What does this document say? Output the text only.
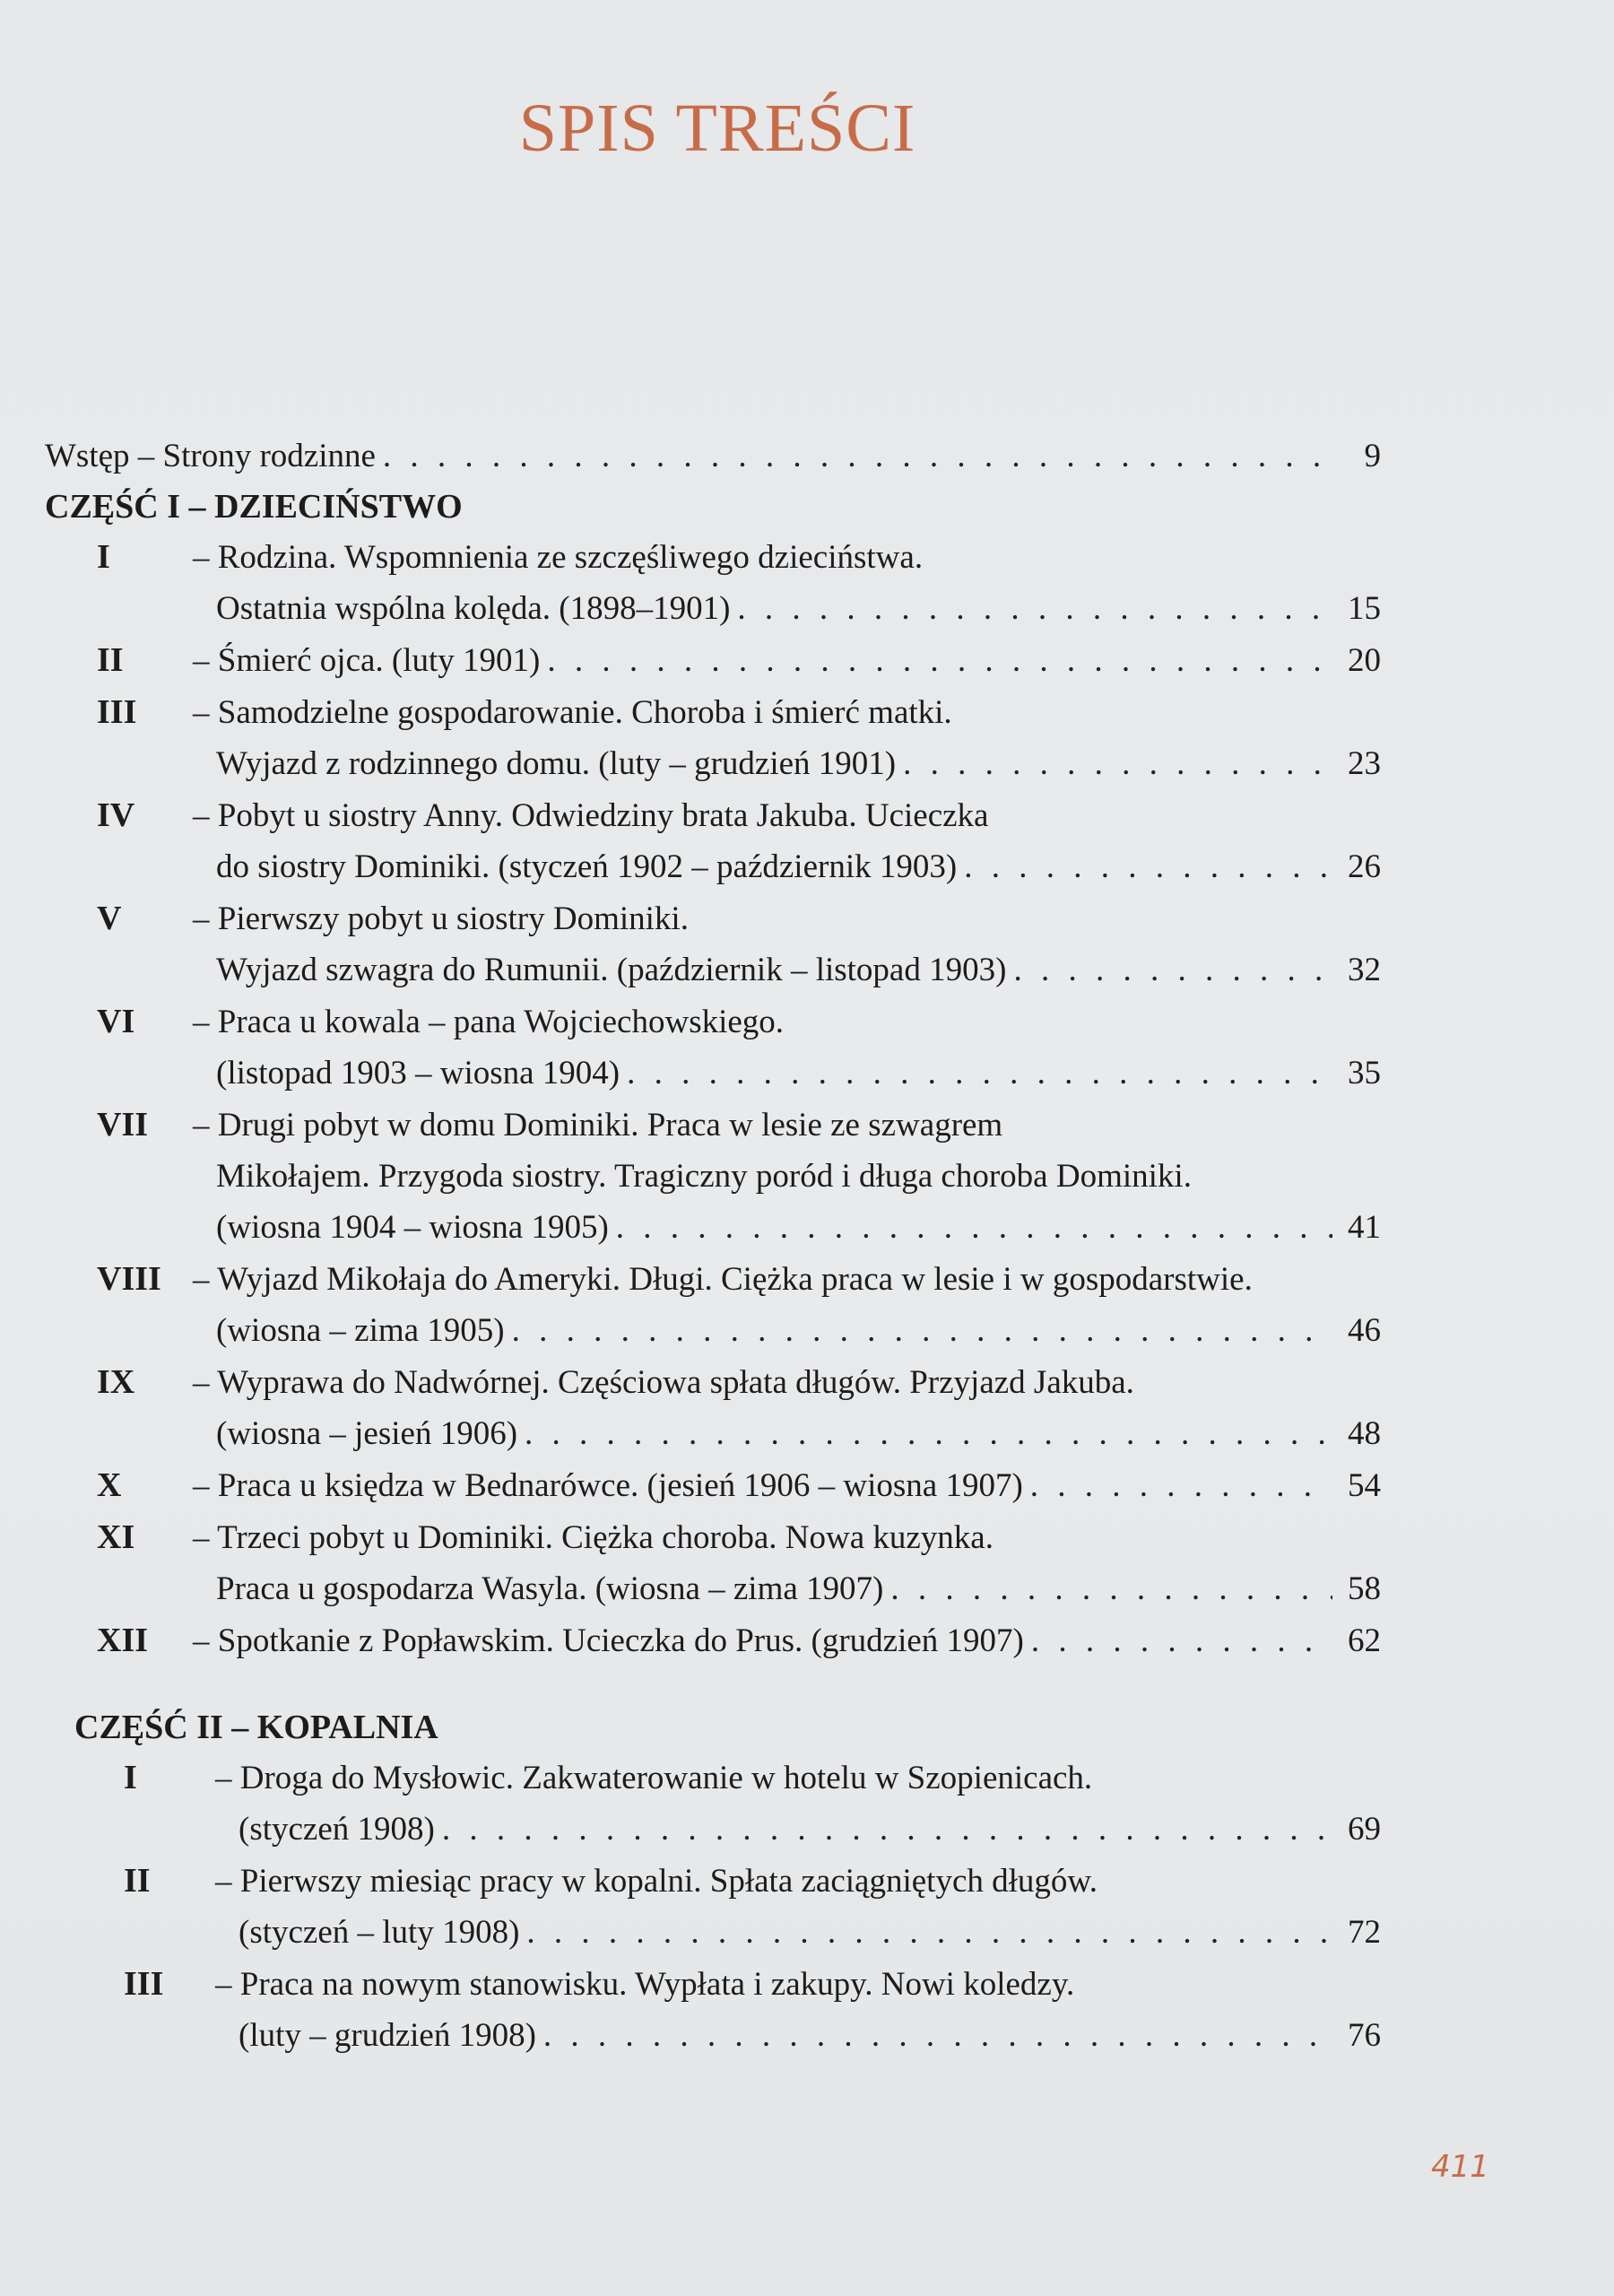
SPIS TREŚCI
Wstęp – Strony rodzinne . . .	9
CZĘŚĆ I – DZIECIŃSTWO
I	– Rodzina. Wspomnienia ze szczęśliwego dzieciństwa.
Ostatnia wspólna kolęda. (1898–1901) . . .	15
II – Śmierć ojca. (luty 1901) . . .	20
III	– Samodzielne gospodarowanie. Choroba i śmierć matki.
Wyjazd z rodzinnego domu. (luty – grudzień 1901) . . .	23
IV	– Pobyt u siostry Anny. Odwiedziny brata Jakuba. Ucieczka
do siostry Dominiki. (styczeń 1902 – październik 1903) . . .	26
V	– Pierwszy pobyt u siostry Dominiki.
Wyjazd szwagra do Rumunii. (październik – listopad 1903) . . .	32
VI	– Praca u kowala – pana Wojciechowskiego.
(listopad 1903 – wiosna 1904) . . .	35
VII	– Drugi pobyt w domu Dominiki. Praca w lesie ze szwagrem
Mikołajem. Przygoda siostry. Tragiczny poród i długa choroba Dominiki.
(wiosna 1904 – wiosna 1905) . . .	41
VIII – Wyjazd Mikołaja do Ameryki. Długi. Ciężka praca w lesie i w gospodarstwie.
(wiosna – zima 1905) . . .	46
IX	– Wyprawa do Nadwórnej. Częściowa spłata długów. Przyjazd Jakuba.
(wiosna – jesień 1906) . . .	48
X – Praca u księdza w Bednarówce. (jesień 1906 – wiosna 1907) . . .	54
XI	– Trzeci pobyt u Dominiki. Ciężka choroba. Nowa kuzynka.
Praca u gospodarza Wasyla. (wiosna – zima 1907) . . .	58
XII – Spotkanie z Popławskim. Ucieczka do Prus. (grudzień 1907) . . .	62
CZĘŚĆ II – KOPALNIA
I	– Droga do Mysłowic. Zakwaterowanie w hotelu w Szopienicach.
(styczeń 1908) . . .	69
II	– Pierwszy miesiąc pracy w kopalni. Spłata zaciągniętych długów.
(styczeń – luty 1908) . . .	72
III	– Praca na nowym stanowisku. Wypłata i zakupy. Nowi koledzy.
(luty – grudzień 1908) . . .	76
411
